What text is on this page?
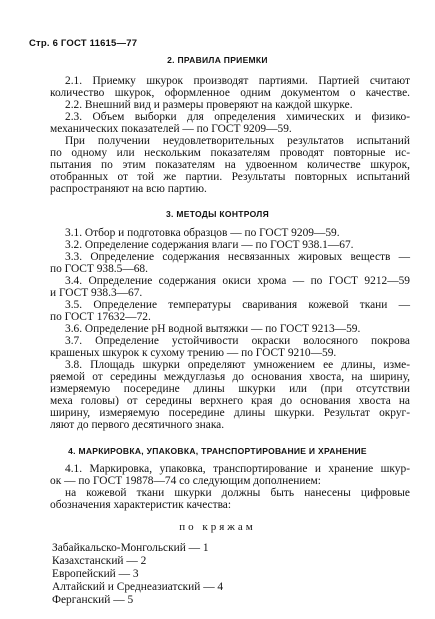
Стр. 6 ГОСТ 11615—77
2. ПРАВИЛА ПРИЕМКИ
2.1. Приемку шкурок производят партиями. Партией считают
количество шкурок, оформленное одним документом о качестве.
2.2. Внешний вид и размеры проверяют на каждой шкурке.
2.3. Объем выборки для определения химических и физико-
механических показателей — по ГОСТ 9209—59.
При получении неудовлетворительных результатов испытаний
по одному или нескольким показателям проводят повторные ис-
пытания по этим показателям на удвоенном количестве шкурок,
отобранных от той же партии. Результаты повторных испытаний
распространяют на всю партию.
3. МЕТОДЫ КОНТРОЛЯ
3.1. Отбор и подготовка образцов — по ГОСТ 9209—59.
3.2. Определение содержания влаги — по ГОСТ 938.1—67.
3.3. Определение содержания несвязанных жировых веществ —
по ГОСТ 938.5—68.
3.4. Определение содержания окиси хрома — по ГОСТ 9212—59
и ГОСТ 938.3—67.
3.5. Определение температуры сваривания кожевой ткани —
по ГОСТ 17632—72.
3.6. Определение рН водной вытяжки — по ГОСТ 9213—59.
3.7. Определение устойчивости окраски волосяного покрова
крашеных шкурок к сухому трению — по ГОСТ 9210—59.
3.8. Площадь шкурки определяют умножением ее длины, изме-
ряемой от середины междуглазья до основания хвоста, на ширину,
измеряемую посередине длины шкурки или (при отсутствии
меха головы) от середины верхнего края до основания хвоста на
ширину, измеряемую посередине длины шкурки. Результат округ-
ляют до первого десятичного знака.
4. МАРКИРОВКА, УПАКОВКА, ТРАНСПОРТИРОВАНИЕ И ХРАНЕНИЕ
4.1. Маркировка, упаковка, транспортирование и хранение шкур-
ок — по ГОСТ 19878—74 со следующим дополнением:
на кожевой ткани шкурки должны быть нанесены цифровые
обозначения характеристик качества:
по кряжам
Забайкальско-Монгольский — 1
Казахстанский — 2
Европейский — 3
Алтайский и Среднеазиатский — 4
Ферганский — 5
